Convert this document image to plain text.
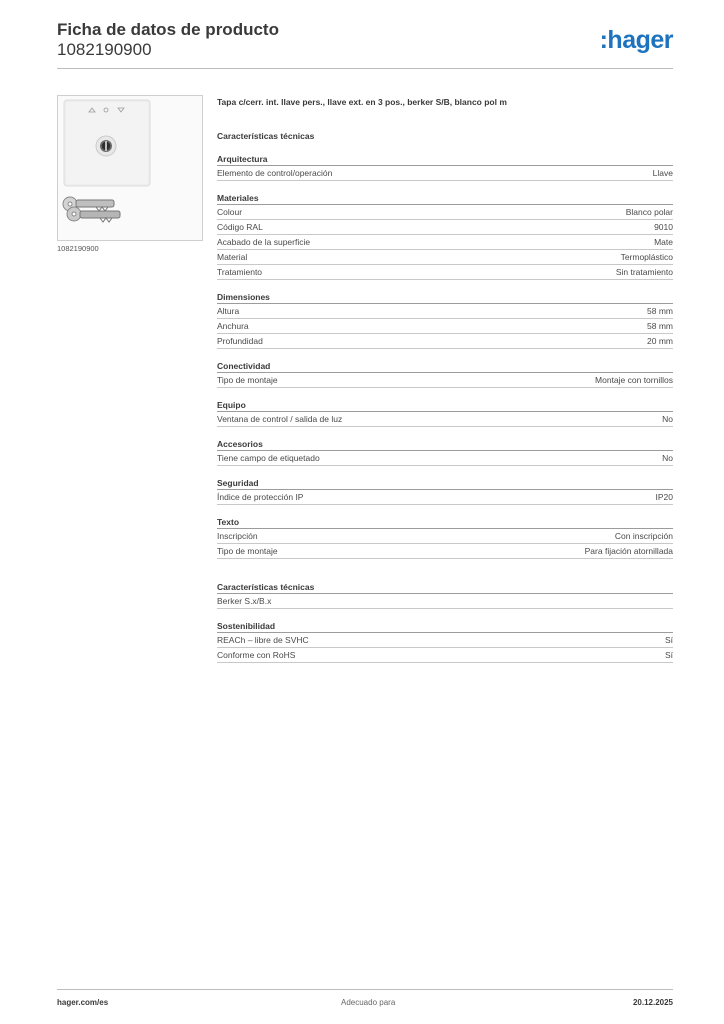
Ficha de datos de producto
1082190900	:hager
1082190900
Tapa c/cerr. int. llave pers., llave ext. en 3 pos., berker S/B, blanco pol m
Características técnicas
Arquitectura
Elemento de control/operación	Llave
Materiales
Colour	Blanco polar
Código RAL	9010
Acabado de la superficie	Mate
Material	Termoplástico
Tratamiento	Sin tratamiento
Dimensiones
Altura	58 mm
Anchura	58 mm
Profundidad	20 mm
Conectividad
Tipo de montaje	Montaje con tornillos
Equipo
Ventana de control / salida de luz	No
Accesorios
Tiene campo de etiquetado	No
Seguridad
Índice de protección IP	IP20
Texto
Inscripción	Con inscripción
Tipo de montaje	Para fijación atornillada
Características técnicas
Berker S.x/B.x
Sostenibilidad
REACh – libre de SVHC	Sí
Conforme con RoHS	Sí
hager.com/es	Adecuado para	20.12.2025
